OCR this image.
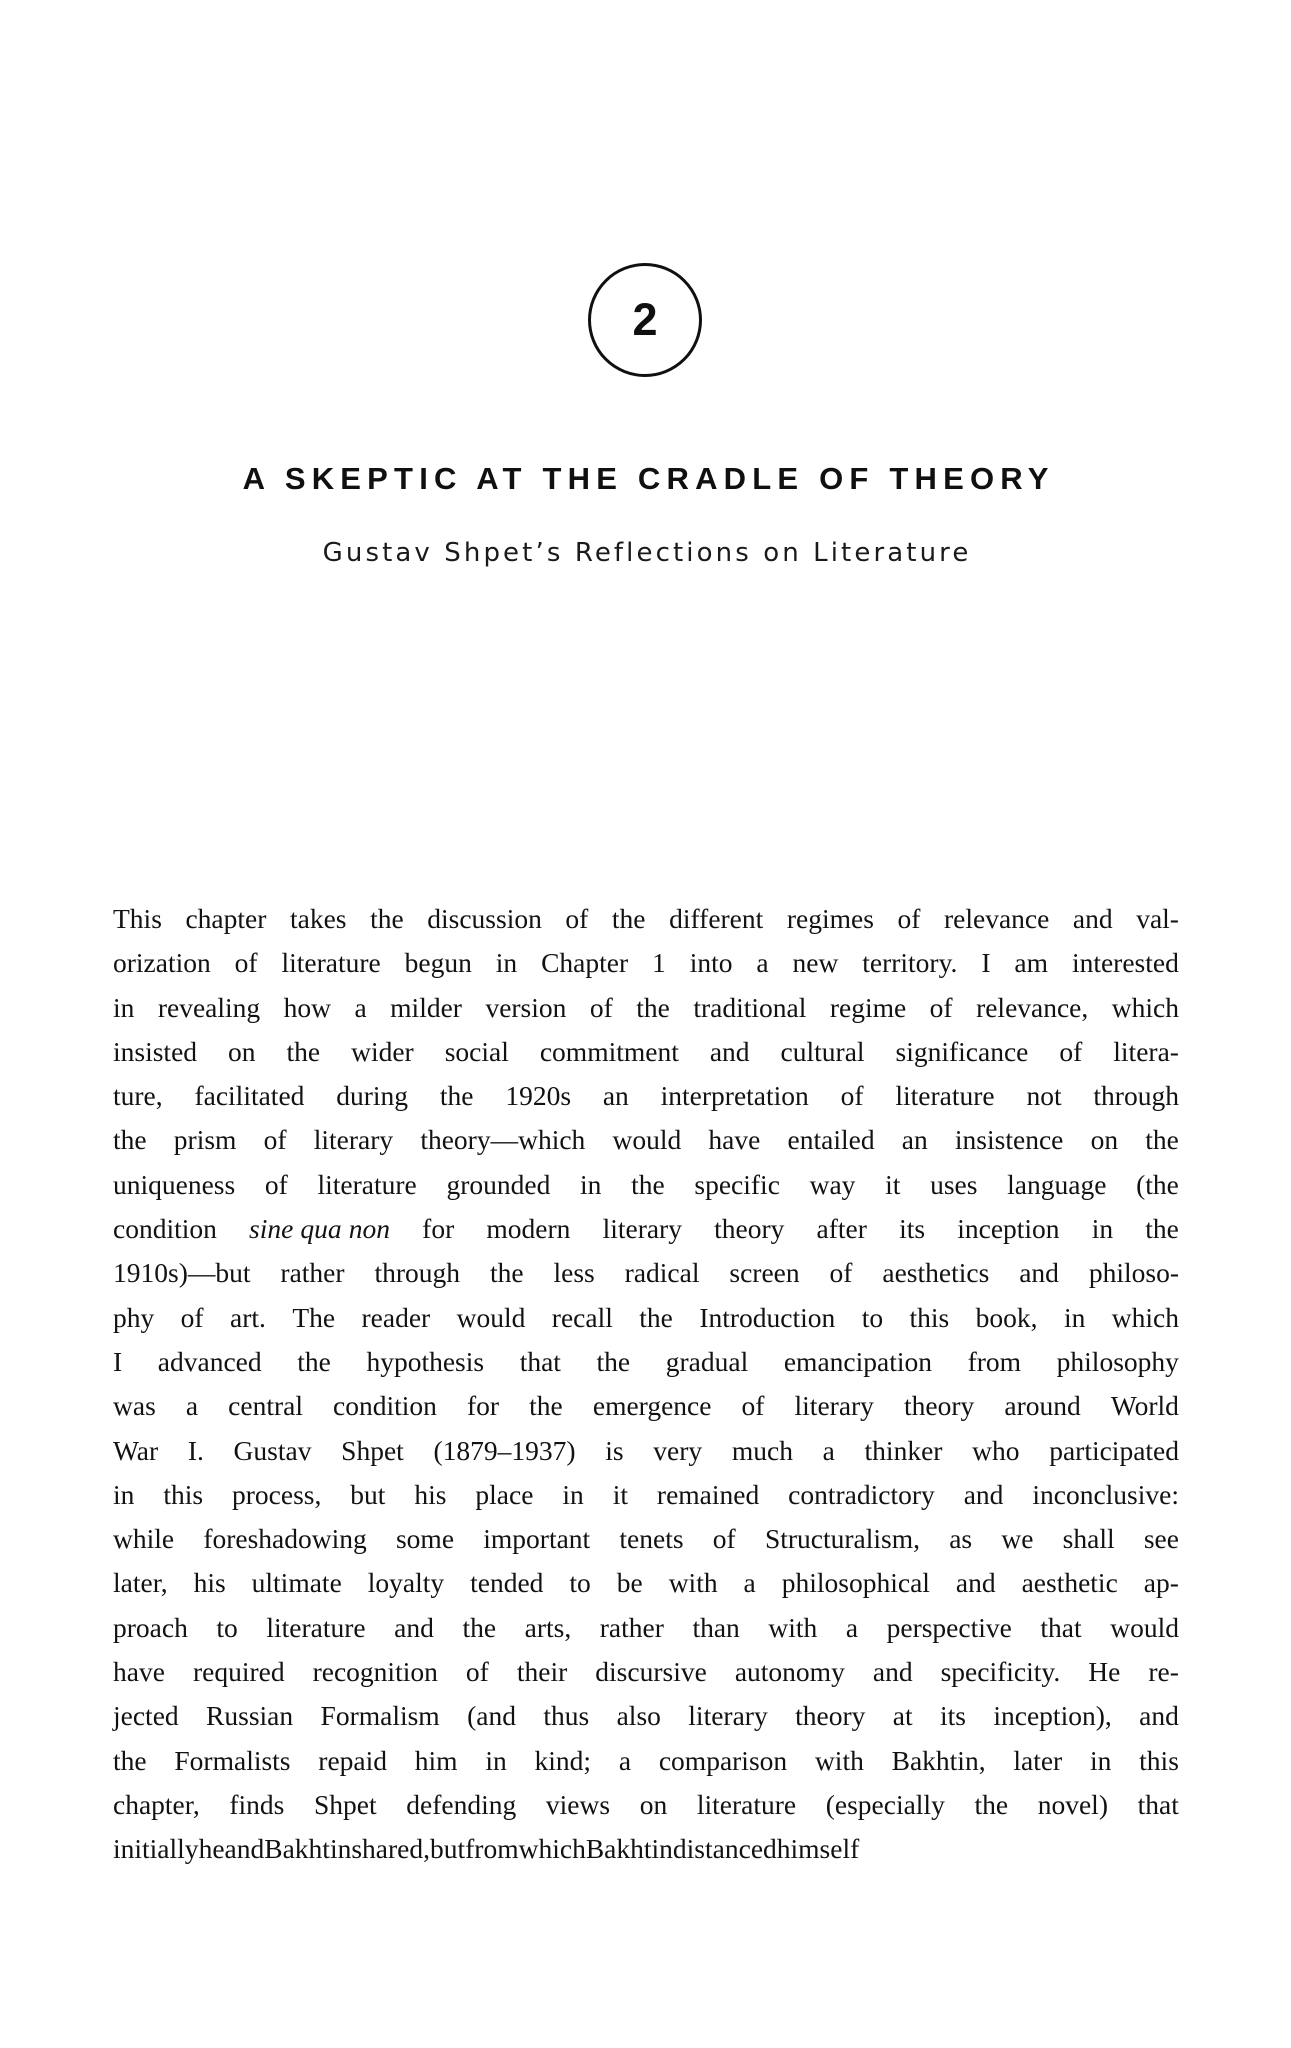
2
A SKEPTIC AT THE CRADLE OF THEORY
Gustav Shpet’s Reflections on Literature
This chapter takes the discussion of the different regimes of relevance and val-
orization of literature begun in Chapter 1 into a new territory. I am interested
in revealing how a milder version of the traditional regime of relevance, which
insisted on the wider social commitment and cultural significance of litera-
ture, facilitated during the 1920s an interpretation of literature not through
the prism of literary theory—which would have entailed an insistence on the
uniqueness of literature grounded in the specific way it uses language (the
condition sine qua non for modern literary theory after its inception in the
1910s)—but rather through the less radical screen of aesthetics and philoso-
phy of art. The reader would recall the Introduction to this book, in which
I advanced the hypothesis that the gradual emancipation from philosophy
was a central condition for the emergence of literary theory around World
War I. Gustav Shpet (1879–1937) is very much a thinker who participated
in this process, but his place in it remained contradictory and inconclusive:
while foreshadowing some important tenets of Structuralism, as we shall see
later, his ultimate loyalty tended to be with a philosophical and aesthetic ap-
proach to literature and the arts, rather than with a perspective that would
have required recognition of their discursive autonomy and specificity. He re-
jected Russian Formalism (and thus also literary theory at its inception), and
the Formalists repaid him in kind; a comparison with Bakhtin, later in this
chapter, finds Shpet defending views on literature (especially the novel) that
initiallyheandBakhtinshared,butfromwhichBakhtindistancedhimself
